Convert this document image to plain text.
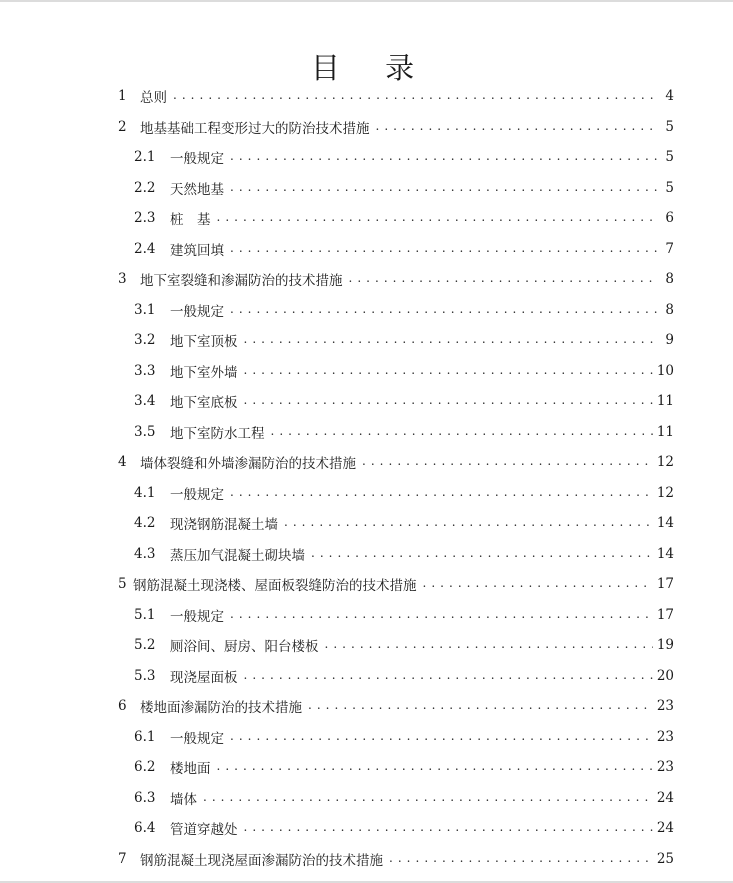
目 录
1 总则 . . .	4
2 地基基础工程变形过大的防治技术措施 . . .	5
2.1	一般规定 . . .	5
2.2	天然地基 . . .	5
2.3	桩　基 . . .	6
2.4	建筑回填 . . .	7
3 地下室裂缝和渗漏防治的技术措施 . . .	8
3.1	一般规定 . . .	8
3.2	地下室顶板 . . .	9
3.3	地下室外墙 . . .	10
3.4	地下室底板 . . .	11
3.5	地下室防水工程 . . .	11
4 墙体裂缝和外墙渗漏防治的技术措施 . . .	12
4.1	一般规定 . . .	12
4.2	现浇钢筋混凝土墙 . . .	14
4.3	蒸压加气混凝土砌块墙 . . .	14
5 钢筋混凝土现浇楼、屋面板裂缝防治的技术措施 . . .	17
5.1	一般规定 . . .	17
5.2	厕浴间、厨房、阳台楼板 . . .	19
5.3	现浇屋面板 . . .	20
6 楼地面渗漏防治的技术措施 . . .	23
6.1	一般规定 . . .	23
6.2	楼地面 . . .	23
6.3	墙体 . . .	24
6.4	管道穿越处 . . .	24
7 钢筋混凝土现浇屋面渗漏防治的技术措施 . . .	25
